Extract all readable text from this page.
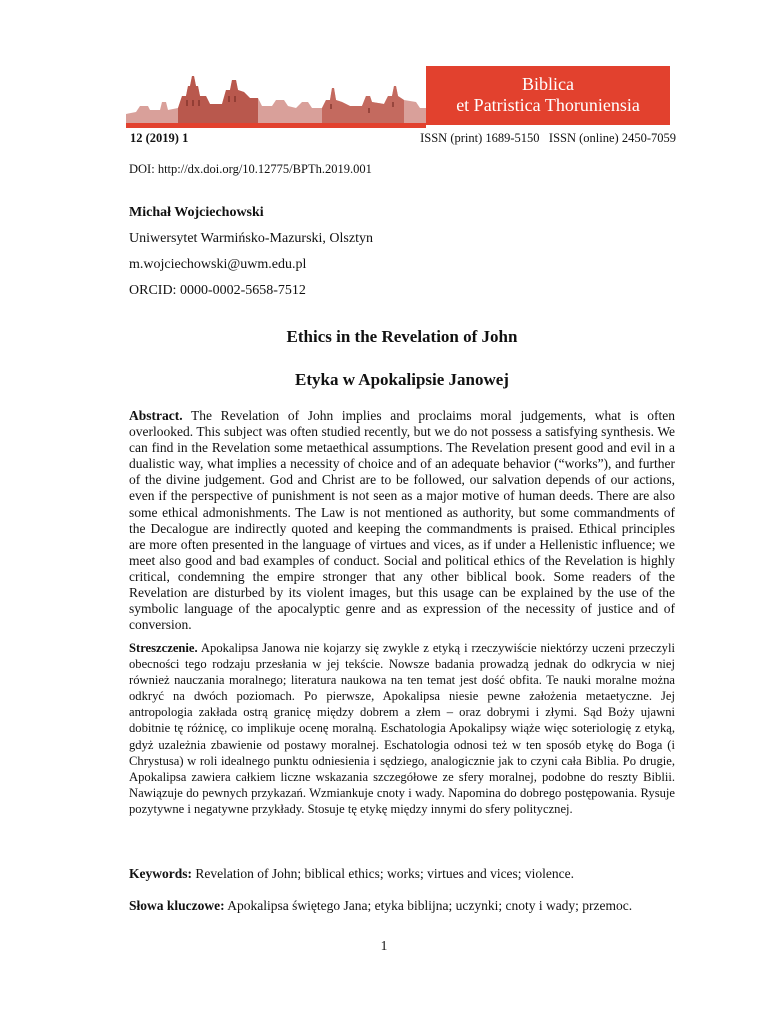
Biblica
et Patristica Thoruniensia
12 (2019) 1	ISSN (print) 1689-5150   ISSN (online) 2450-7059
DOI: http://dx.doi.org/10.12775/BPTh.2019.001
Michał Wojciechowski
Uniwersytet Warmińsko-Mazurski, Olsztyn
m.wojciechowski@uwm.edu.pl
ORCID: 0000-0002-5658-7512
Ethics in the Revelation of John
Etyka w Apokalipsie Janowej

Abstract. The Revelation of John implies and proclaims moral judgements, what is often overlooked. This subject was often studied recently, but we do not possess a satisfying synthesis. We can find in the Revelation some metaethical assumptions. The Revelation present good and evil in a dualistic way, what implies a necessity of choice and of an adequate behavior (“works”), and further of the divine judgement. God and Christ are to be followed, our salvation depends of our actions, even if the perspective of punishment is not seen as a major motive of human deeds. There are also some ethical admonishments. The Law is not mentioned as authority, but some commandments of the Decalogue are indirectly quoted and keeping the commandments is praised. Ethical principles are more often presented in the language of virtues and vices, as if under a Hellenistic influence; we meet also good and bad examples of conduct. Social and political ethics of the Revelation is highly critical, condemning the empire stronger that any other biblical book. Some readers of the Revelation are disturbed by its violent images, but this usage can be explained by the use of the symbolic language of the apocalyptic genre and as expression of the necessity of justice and of conversion.

Streszczenie. Apokalipsa Janowa nie kojarzy się zwykle z etyką i rzeczywiście niektórzy uczeni przeczyli obecności tego rodzaju przesłania w jej tekście. Nowsze badania prowadzą jednak do odkrycia w niej również nauczania moralnego; literatura naukowa na ten temat jest dość obfita. Te nauki moralne można odkryć na dwóch poziomach. Po pierwsze, Apokalipsa niesie pewne założenia metaetyczne. Jej antropologia zakłada ostrą granicę między dobrem a złem – oraz dobrymi i złymi. Sąd Boży ujawni dobitnie tę różnicę, co implikuje ocenę moralną. Eschatologia Apokalipsy wiąże więc soteriologię z etyką, gdyż uzależnia zbawienie od postawy moralnej. Eschatologia odnosi też w ten sposób etykę do Boga (i Chrystusa) w roli idealnego punktu odniesienia i sędziego, analogicznie jak to czyni cała Biblia. Po drugie, Apokalipsa zawiera całkiem liczne wskazania szczegółowe ze sfery moralnej, podobne do reszty Biblii. Nawiązuje do pewnych przykazań. Wzmiankuje cnoty i wady. Napomina do dobrego postępowania. Rysuje pozytywne i negatywne przykłady. Stosuje tę etykę między innymi do sfery politycznej.

Keywords: Revelation of John; biblical ethics; works; virtues and vices; violence.
Słowa kluczowe: Apokalipsa świętego Jana; etyka biblijna; uczynki; cnoty i wady; przemoc.
1
